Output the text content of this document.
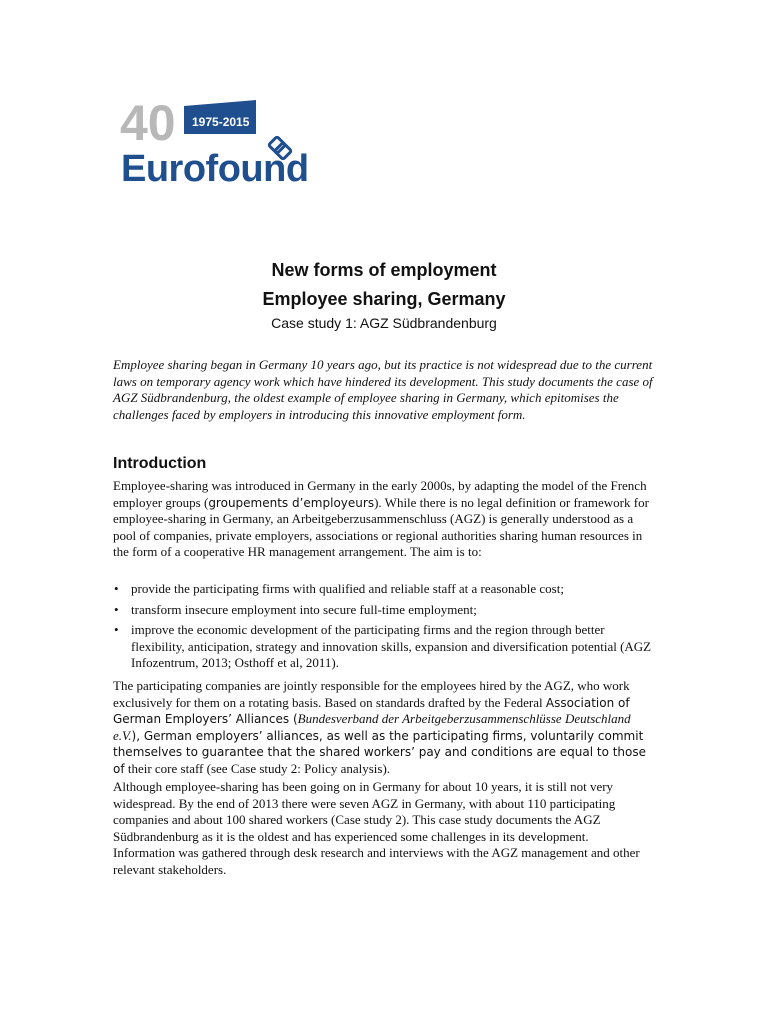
40 1975-2015
Eurofound
New forms of employment
Employee sharing, Germany
Case study 1: AGZ Südbrandenburg

Employee sharing began in Germany 10 years ago, but its practice is not widespread due to the current laws on temporary agency work which have hindered its development. This study documents the case of AGZ Südbrandenburg, the oldest example of employee sharing in Germany, which epitomises the challenges faced by employers in introducing this innovative employment form.

Introduction

Employee-sharing was introduced in Germany in the early 2000s, by adapting the model of the French employer groups (groupements d’employeurs). While there is no legal definition or framework for employee-sharing in Germany, an Arbeitgeberzusammenschluss (AGZ) is generally understood as a pool of companies, private employers, associations or regional authorities sharing human resources in the form of a cooperative HR management arrangement. The aim is to:

• provide the participating firms with qualified and reliable staff at a reasonable cost;
• transform insecure employment into secure full-time employment;
• improve the economic development of the participating firms and the region through better flexibility, anticipation, strategy and innovation skills, expansion and diversification potential (AGZ Infozentrum, 2013; Osthoff et al, 2011).

The participating companies are jointly responsible for the employees hired by the AGZ, who work exclusively for them on a rotating basis. Based on standards drafted by the Federal Association of German Employers’ Alliances (Bundesverband der Arbeitgeberzusammenschlüsse Deutschland e.V.), German employers’ alliances, as well as the participating firms, voluntarily commit themselves to guarantee that the shared workers’ pay and conditions are equal to those of their core staff (see Case study 2: Policy analysis).

Although employee-sharing has been going on in Germany for about 10 years, it is still not very widespread. By the end of 2013 there were seven AGZ in Germany, with about 110 participating companies and about 100 shared workers (Case study 2). This case study documents the AGZ Südbrandenburg as it is the oldest and has experienced some challenges in its development. Information was gathered through desk research and interviews with the AGZ management and other relevant stakeholders.
